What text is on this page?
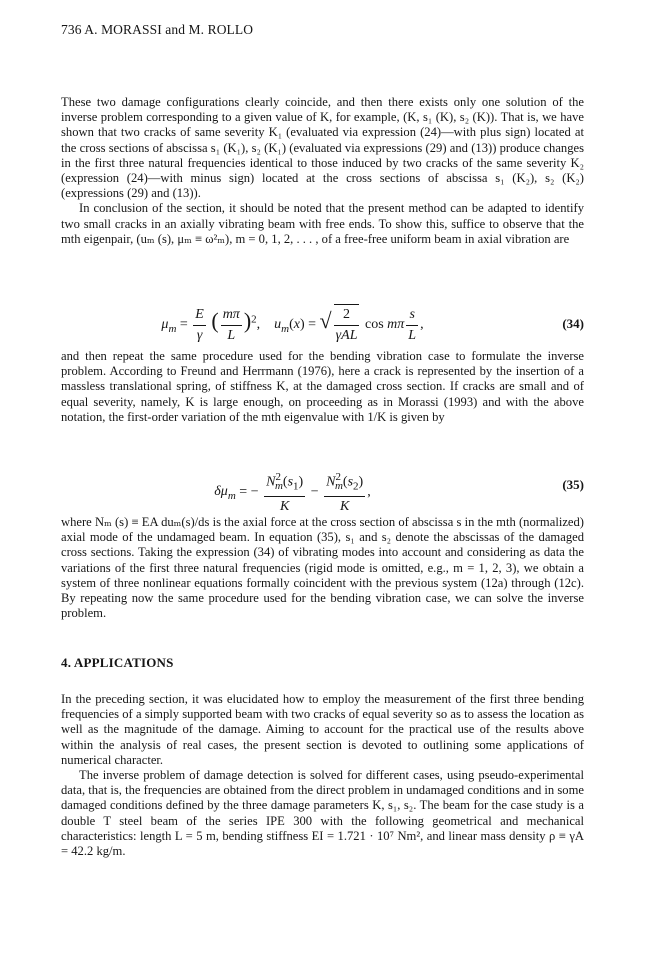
736 A. MORASSI and M. ROLLO

These two damage configurations clearly coincide, and then there exists only one solution of the inverse problem corresponding to a given value of K, for example, (K, s₁ (K), s₂ (K)). That is, we have shown that two cracks of same severity K₁ (evaluated via expression (24)—with plus sign) located at the cross sections of abscissa s₁ (K₁), s₂ (K₁) (evaluated via expressions (29) and (13)) produce changes in the first three natural frequencies identical to those induced by two cracks of the same severity K₂ (expression (24)—with minus sign) located at the cross sections of abscissa s₁ (K₂), s₂ (K₂) (expressions (29) and (13)).

In conclusion of the section, it should be noted that the present method can be adapted to identify two small cracks in an axially vibrating beam with free ends. To show this, suffice to observe that the mth eigenpair, (uₘ (s), μₘ ≡ ω²ₘ), m = 0, 1, 2, . . . , of a free-free uniform beam in axial vibration are

$\mu_m = \frac{E}{\gamma}$ ( $\frac{m\pi}{L} )^2$,    $u_m(x)$ = √ $\frac{2}{\text{γAL}}$ cos mπ $\frac{s}{L}$ ,	(34)

and then repeat the same procedure used for the bending vibration case to formulate the inverse problem. According to Freund and Herrmann (1976), here a crack is represented by the insertion of a massless translational spring, of stiffness K, at the damaged cross section. If cracks are small and of equal severity, namely, K is large enough, on proceeding as in Morassi (1993) and with the above notation, the first-order variation of the mth eigenvalue with 1/K is given by

$\delta\mu_m$ = − $\frac{N^2_m(s_1)}{K} - \frac{N^2_m(s_2)}{K}$ ,	(35)

where Nₘ (s) ≡ EA duₘ(s)/ds is the axial force at the cross section of abscissa s in the mth (normalized) axial mode of the undamaged beam. In equation (35), s₁ and s₂ denote the abscissas of the damaged cross sections. Taking the expression (34) of vibrating modes into account and considering as data the variations of the first three natural frequencies (rigid mode is omitted, e.g., m = 1, 2, 3), we obtain a system of three nonlinear equations formally coincident with the previous system (12a) through (12c). By repeating now the same procedure used for the bending vibration case, we can solve the inverse problem.

4. APPLICATIONS

In the preceding section, it was elucidated how to employ the measurement of the first three bending frequencies of a simply supported beam with two cracks of equal severity so as to assess the location as well as the magnitude of the damage. Aiming to account for the practical use of the results above within the analysis of real cases, the present section is devoted to outlining some applications of numerical character.

The inverse problem of damage detection is solved for different cases, using pseudo-experimental data, that is, the frequencies are obtained from the direct problem in undamaged conditions and in some damaged conditions defined by the three damage parameters K, s₁, s₂. The beam for the case study is a double T steel beam of the series IPE 300 with the following geometrical and mechanical characteristics: length L = 5 m, bending stiffness EI = 1.721 · 10⁷ Nm², and linear mass density ρ ≡ γA = 42.2 kg/m.
